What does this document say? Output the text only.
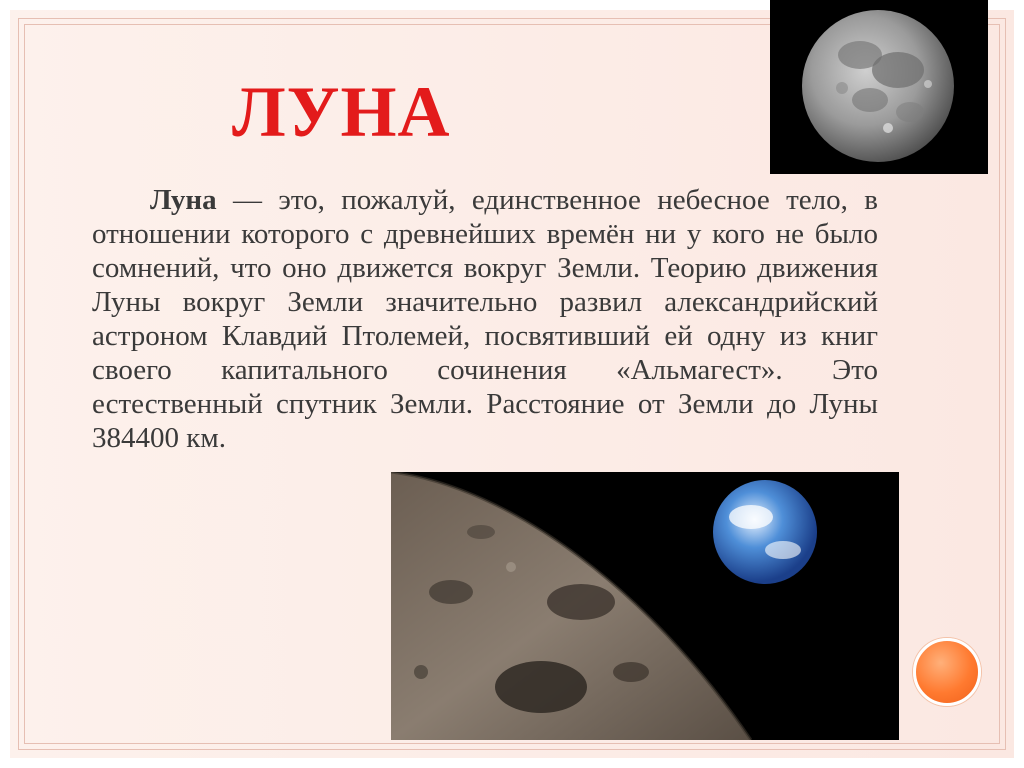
ЛУНА

Луна — это, пожалуй, единственное небесное тело, в отношении которого с древнейших времён ни у кого не было сомнений, что оно движется вокруг Земли. Теорию движения Луны вокруг Земли значительно развил александрийский астроном Клавдий Птолемей, посвятивший ей одну из книг своего капитального сочинения «Альмагест». Это естественный спутник Земли. Расстояние от Земли до Луны 384400 км.
